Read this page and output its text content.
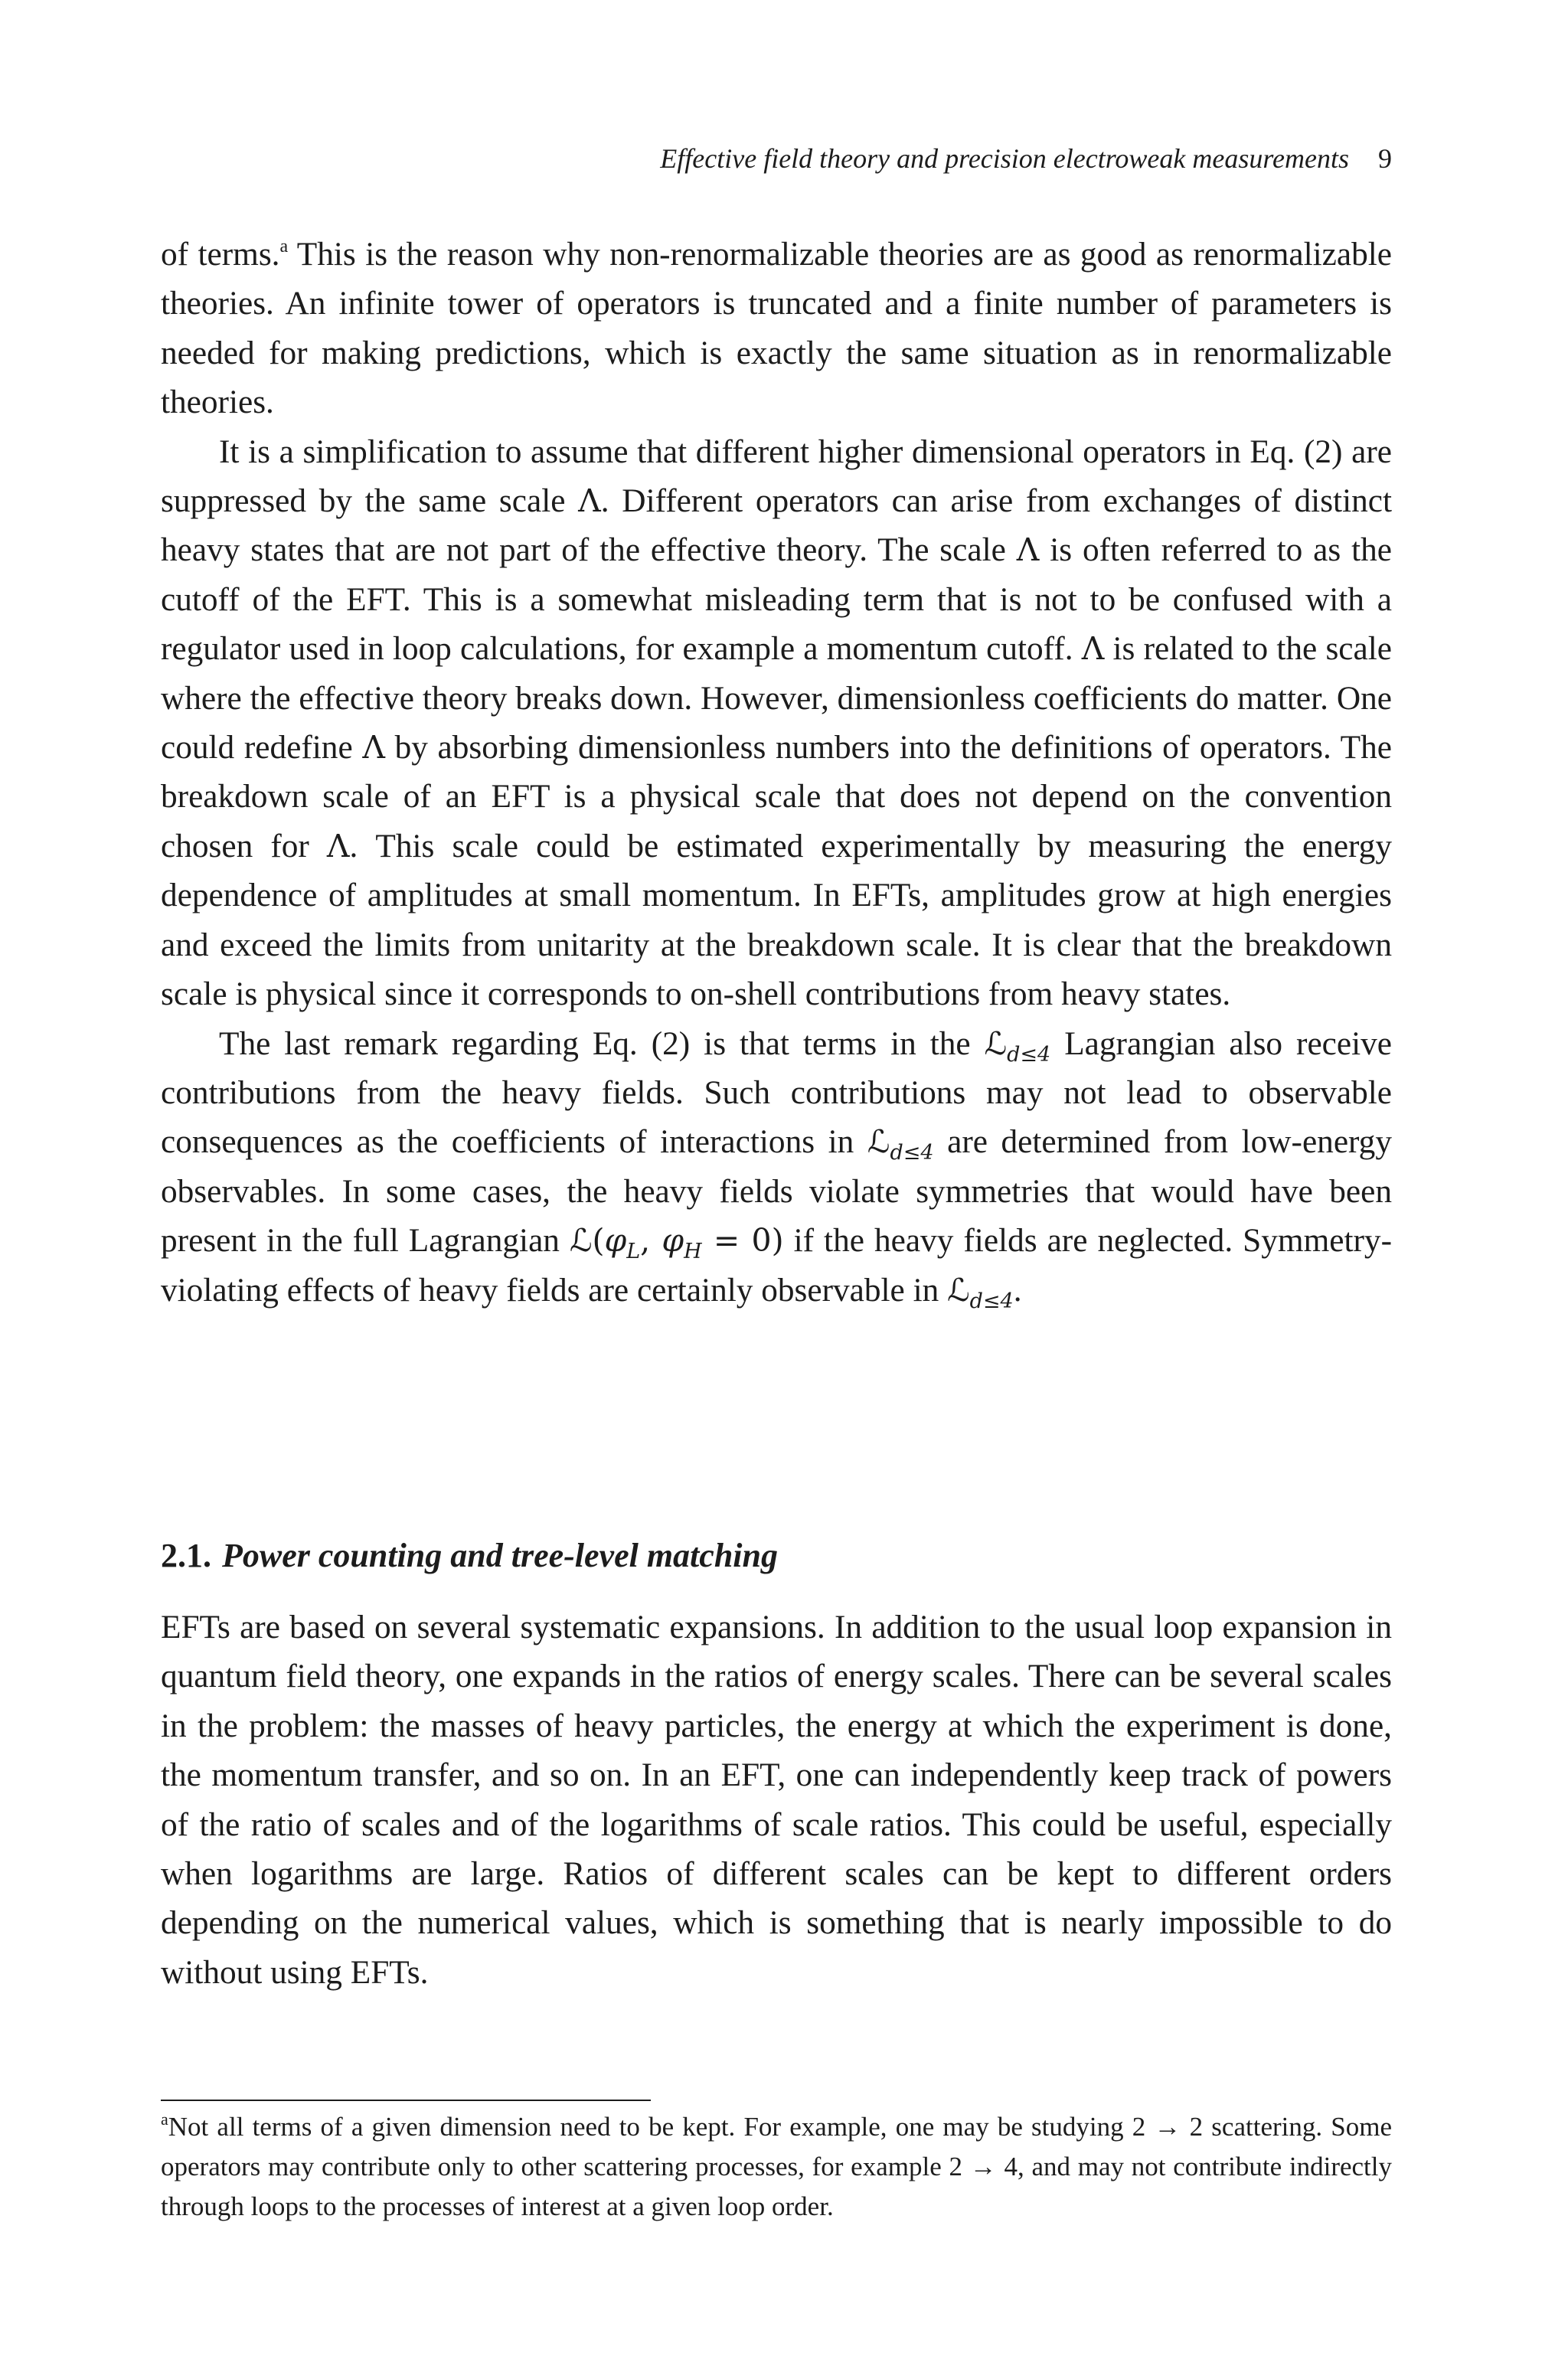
Effective field theory and precision electroweak measurements 9

of terms.$^a$ This is the reason why non-renormalizable theories are as good as renormalizable theories. An infinite tower of operators is truncated and a finite number of parameters is needed for making predictions, which is exactly the same situation as in renormalizable theories.

It is a simplification to assume that different higher dimensional operators in Eq. (2) are suppressed by the same scale Λ. Different operators can arise from exchanges of distinct heavy states that are not part of the effective theory. The scale Λ is often referred to as the cutoff of the EFT. This is a somewhat misleading term that is not to be confused with a regulator used in loop calculations, for example a momentum cutoff. Λ is related to the scale where the effective theory breaks down. However, dimensionless coefficients do matter. One could redefine Λ by absorbing dimensionless numbers into the definitions of operators. The breakdown scale of an EFT is a physical scale that does not depend on the convention chosen for Λ. This scale could be estimated experimentally by measuring the energy dependence of amplitudes at small momentum. In EFTs, amplitudes grow at high energies and exceed the limits from unitarity at the breakdown scale. It is clear that the breakdown scale is physical since it corresponds to on-shell contributions from heavy states.

The last remark regarding Eq. (2) is that terms in the ℒ$_{d\le 4}$ Lagrangian also receive contributions from the heavy fields. Such contributions may not lead to observable consequences as the coefficients of interactions in ℒ$_{d\le 4}$ are determined from low-energy observables. In some cases, the heavy fields violate symmetries that would have been present in the full Lagrangian $ℒ(\varphi_L$, $\varphi_H = 0$) if the heavy fields are neglected. Symmetry-violating effects of heavy fields are certainly observable in ℒ$_{d\le 4}$.

2.1. Power counting and tree-level matching

EFTs are based on several systematic expansions. In addition to the usual loop expansion in quantum field theory, one expands in the ratios of energy scales. There can be several scales in the problem: the masses of heavy particles, the energy at which the experiment is done, the momentum transfer, and so on. In an EFT, one can independently keep track of powers of the ratio of scales and of the logarithms of scale ratios. This could be useful, especially when logarithms are large. Ratios of different scales can be kept to different orders depending on the numerical values, which is something that is nearly impossible to do without using EFTs.

$^a$Not all terms of a given dimension need to be kept. For example, one may be studying 2 → 2 scattering. Some operators may contribute only to other scattering processes, for example 2 → 4, and may not contribute indirectly through loops to the processes of interest at a given loop order.
